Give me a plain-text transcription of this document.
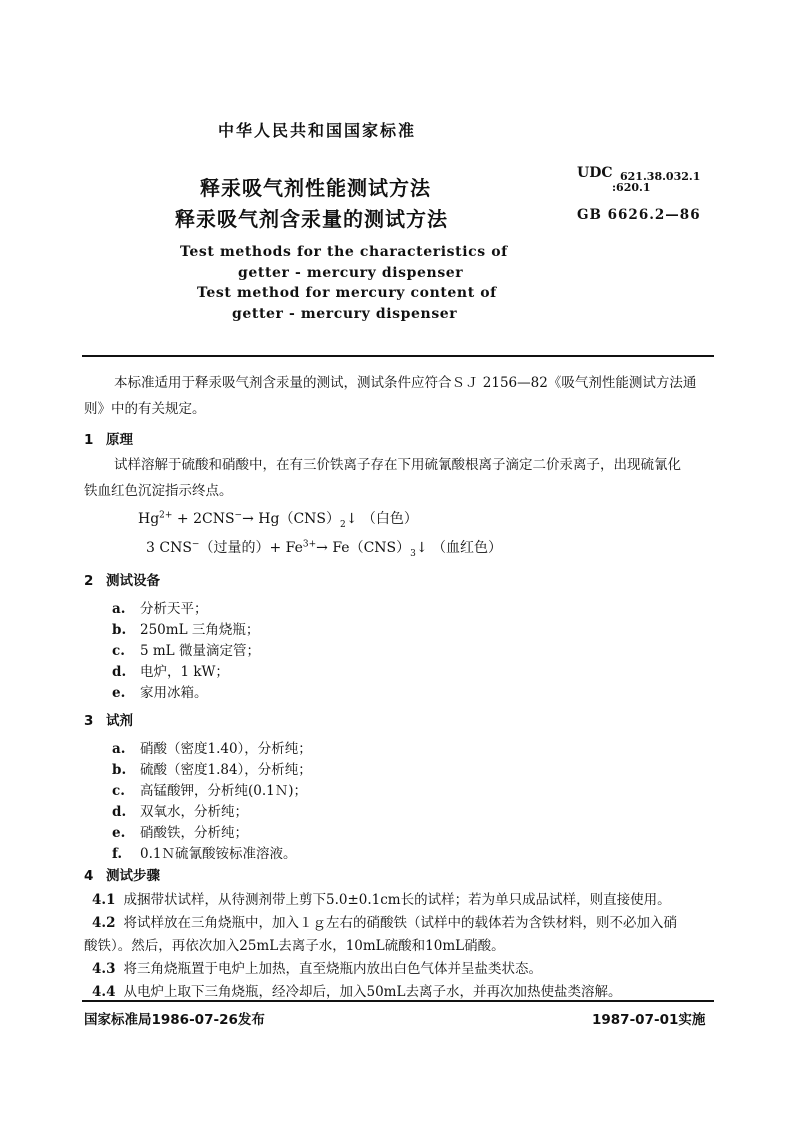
中华人民共和国国家标准
释汞吸气剂性能测试方法
释汞吸气剂含汞量的测试方法
UDC 621.38.032.1
:620.1
GB 6626.2—86
Test methods for the characteristics of
getter - mercury dispenser
Test method for mercury content of
getter - mercury dispenser
本标准适用于释汞吸气剂含汞量的测试，测试条件应符合ＳＪ 2156—82《吸气剂性能测试方法通
则》中的有关规定。
1 原理
试样溶解于硫酸和硝酸中，在有三价铁离子存在下用硫氰酸根离子滴定二价汞离子，出现硫氰化
铁血红色沉淀指示终点。
$Hg^{2+} + 2CNS^-\to$ $Hg(CNS)_2↓$ （白色）
3 CNS−（过量的）+ $Fe^{3+}\to$ $Fe(CNS)_3↓$ （血红色）
2 测试设备
a. 分析天平；
b. 250mL 三角烧瓶；
c. 5 mL 微量滴定管；
d. 电炉，1 kW；
e. 家用冰箱。
3 试剂
a. 硝酸（密度1.40），分析纯；
b. 硫酸（密度1.84），分析纯；
c. 高锰酸钾，分析纯(0.1Ｎ)；
d. 双氧水，分析纯；
e. 硝酸铁，分析纯；
f. 0.1Ｎ硫氰酸铵标准溶液。
4 测试步骤
4.1 成捆带状试样，从待测剂带上剪下5.0±0.1cm长的试样；若为单只成品试样，则直接使用。
4.2 将试样放在三角烧瓶中，加入１ｇ左右的硝酸铁（试样中的载体若为含铁材料，则不必加入硝
酸铁）。然后，再依次加入25mL去离子水，10mL硫酸和10mL硝酸。
4.3 将三角烧瓶置于电炉上加热，直至烧瓶内放出白色气体并呈盐类状态。
4.4 从电炉上取下三角烧瓶，经冷却后，加入50mL去离子水，并再次加热使盐类溶解。
国家标准局1986-07-26发布	1987-07-01实施
